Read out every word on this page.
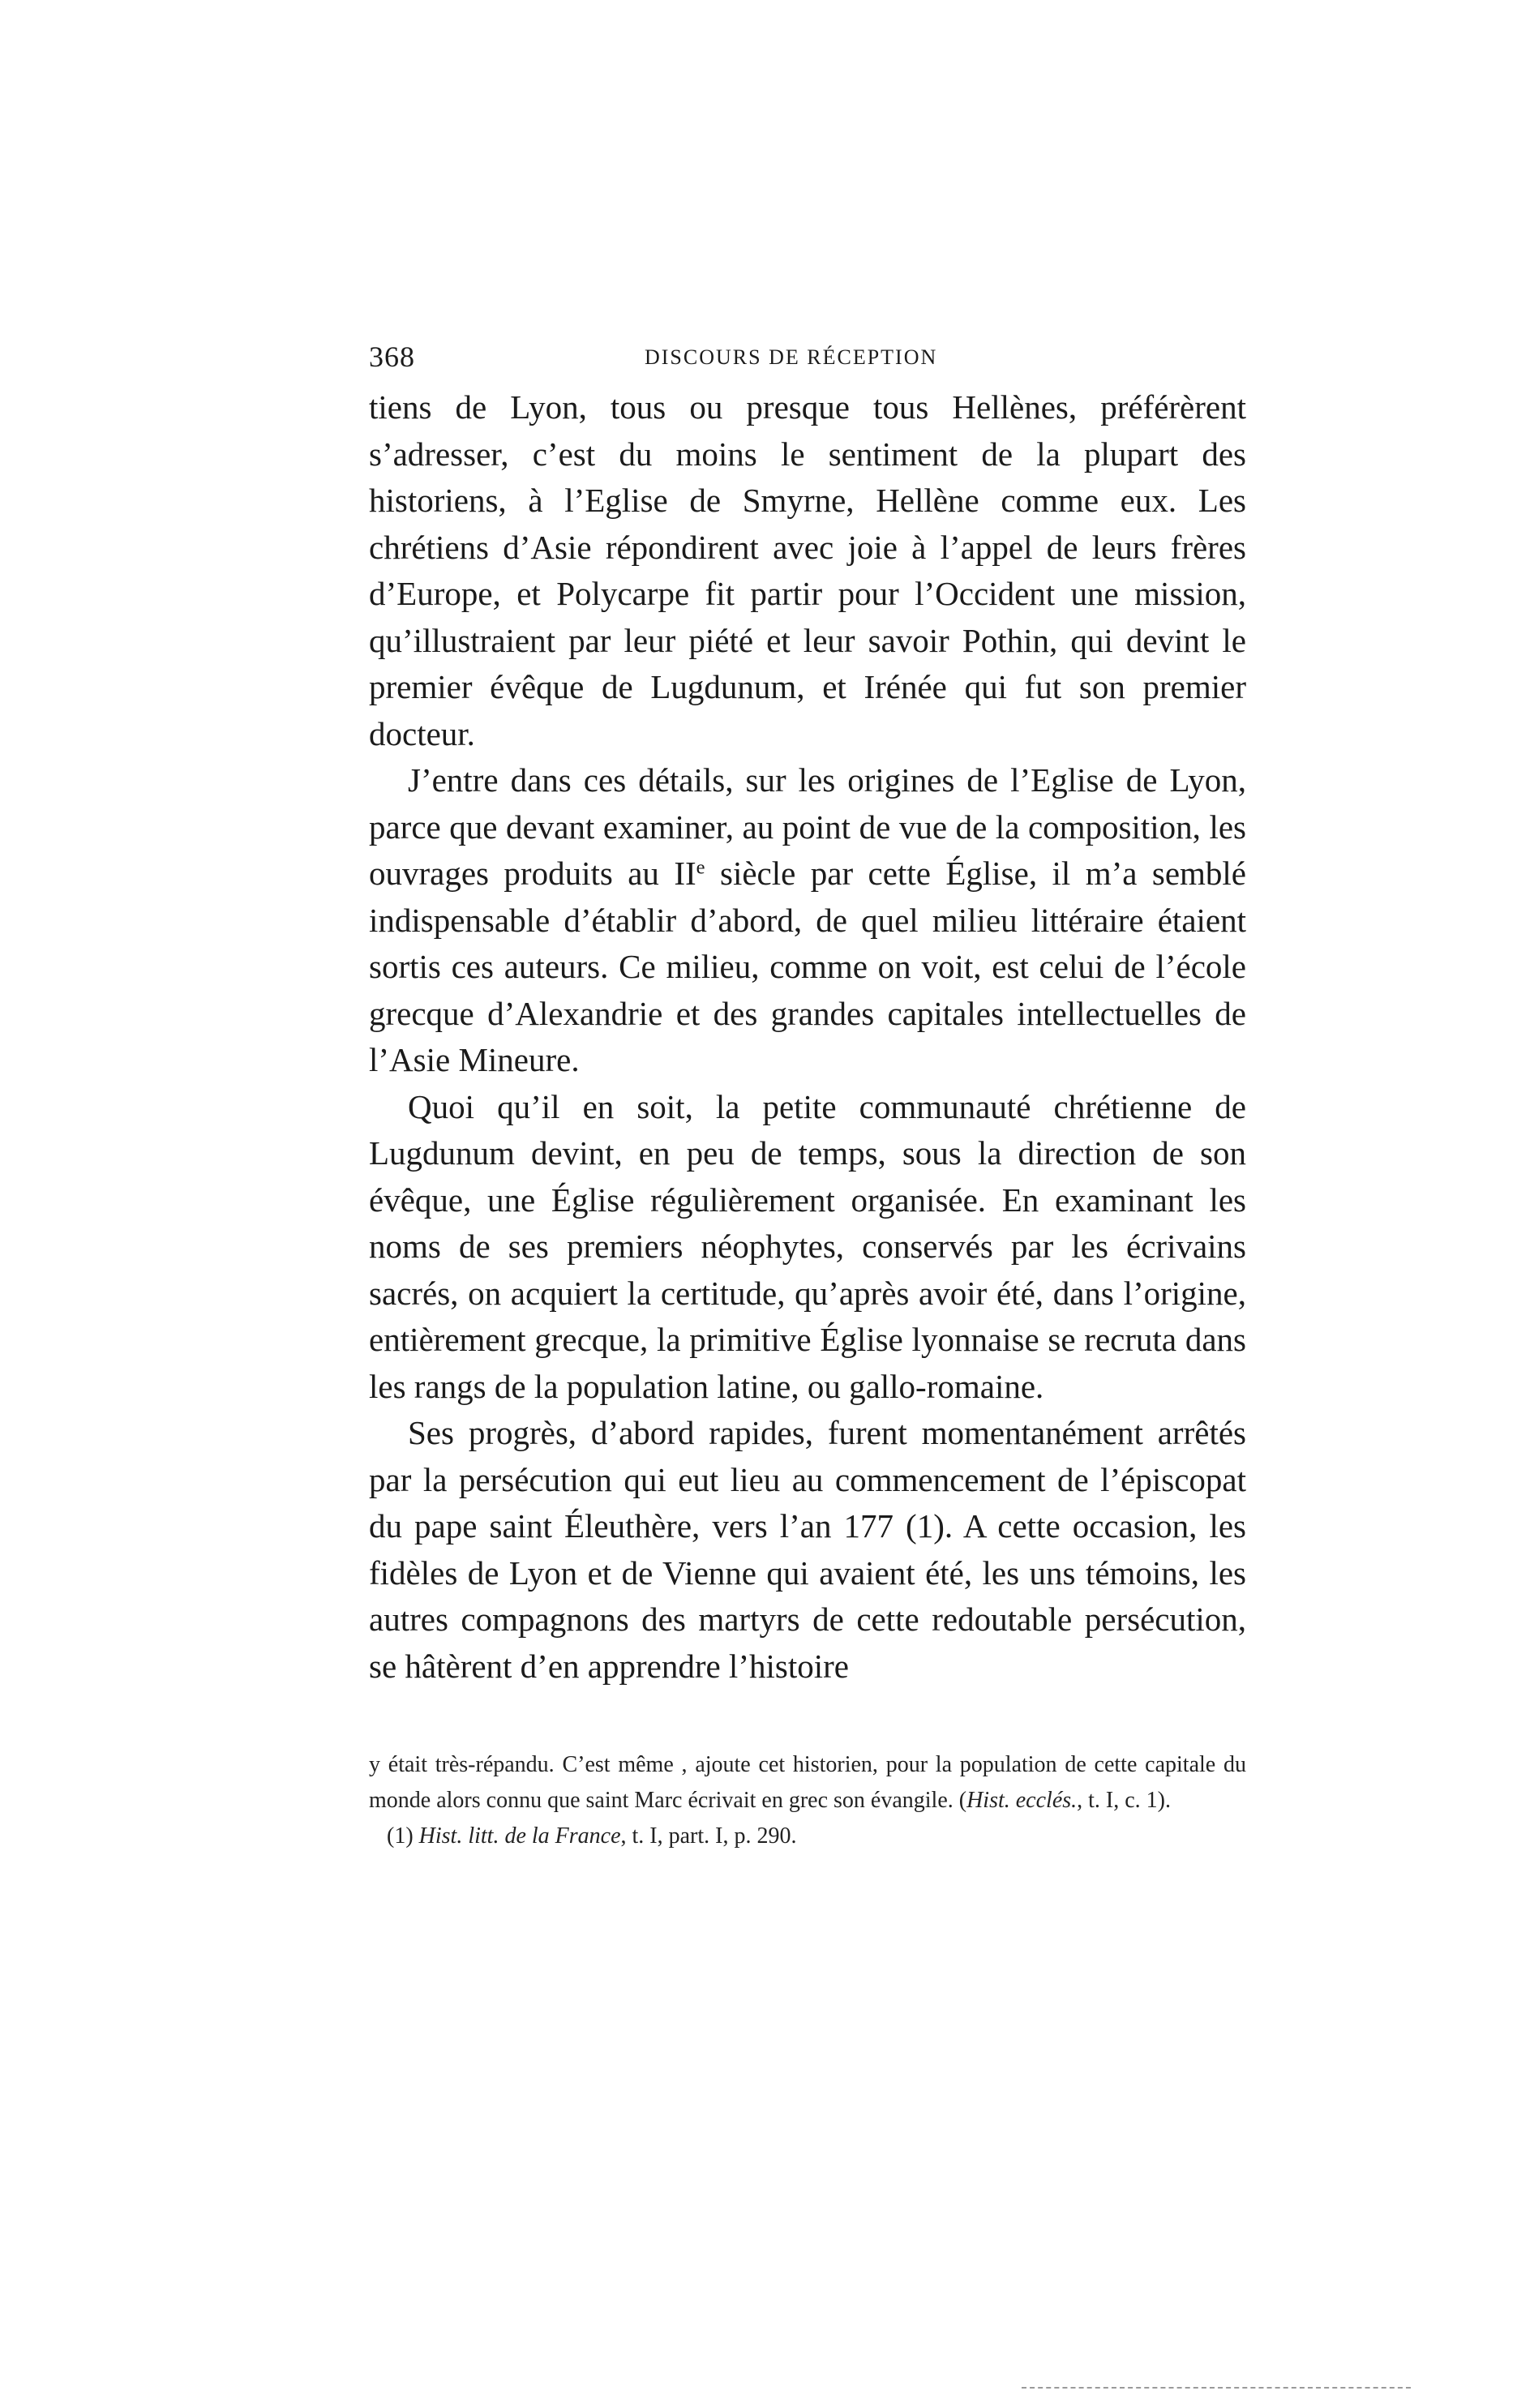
368	DISCOURS DE RÉCEPTION

tiens de Lyon, tous ou presque tous Hellènes, préférèrent s’adresser, c’est du moins le sentiment de la plupart des historiens, à l’Eglise de Smyrne, Hellène comme eux. Les chrétiens d’Asie répondirent avec joie à l’appel de leurs frères d’Europe, et Polycarpe fit partir pour l’Occident une mission, qu’illustraient par leur piété et leur savoir Pothin, qui devint le premier évêque de Lugdunum, et Irénée qui fut son premier docteur.

J’entre dans ces détails, sur les origines de l’Eglise de Lyon, parce que devant examiner, au point de vue de la composition, les ouvrages produits au IIe siècle par cette Église, il m’a semblé indispensable d’établir d’abord, de quel milieu littéraire étaient sortis ces auteurs. Ce milieu, comme on voit, est celui de l’école grecque d’Alexandrie et des grandes capitales intellectuelles de l’Asie Mineure.

Quoi qu’il en soit, la petite communauté chrétienne de Lugdunum devint, en peu de temps, sous la direction de son évêque, une Église régulièrement organisée. En examinant les noms de ses premiers néophytes, conservés par les écrivains sacrés, on acquiert la certitude, qu’après avoir été, dans l’origine, entièrement grecque, la primitive Église lyonnaise se recruta dans les rangs de la population latine, ou gallo-romaine.

Ses progrès, d’abord rapides, furent momentanément arrêtés par la persécution qui eut lieu au commencement de l’épiscopat du pape saint Éleuthère, vers l’an 177 (1). A cette occasion, les fidèles de Lyon et de Vienne qui avaient été, les uns témoins, les autres compagnons des martyrs de cette redoutable persécution, se hâtèrent d’en apprendre l’histoire

y était très-répandu. C’est même , ajoute cet historien, pour la population de cette capitale du monde alors connu que saint Marc écrivait en grec son évangile. (Hist. ecclés., t. I, c. 1).

(1) Hist. litt. de la France, t. I, part. I, p. 290.
